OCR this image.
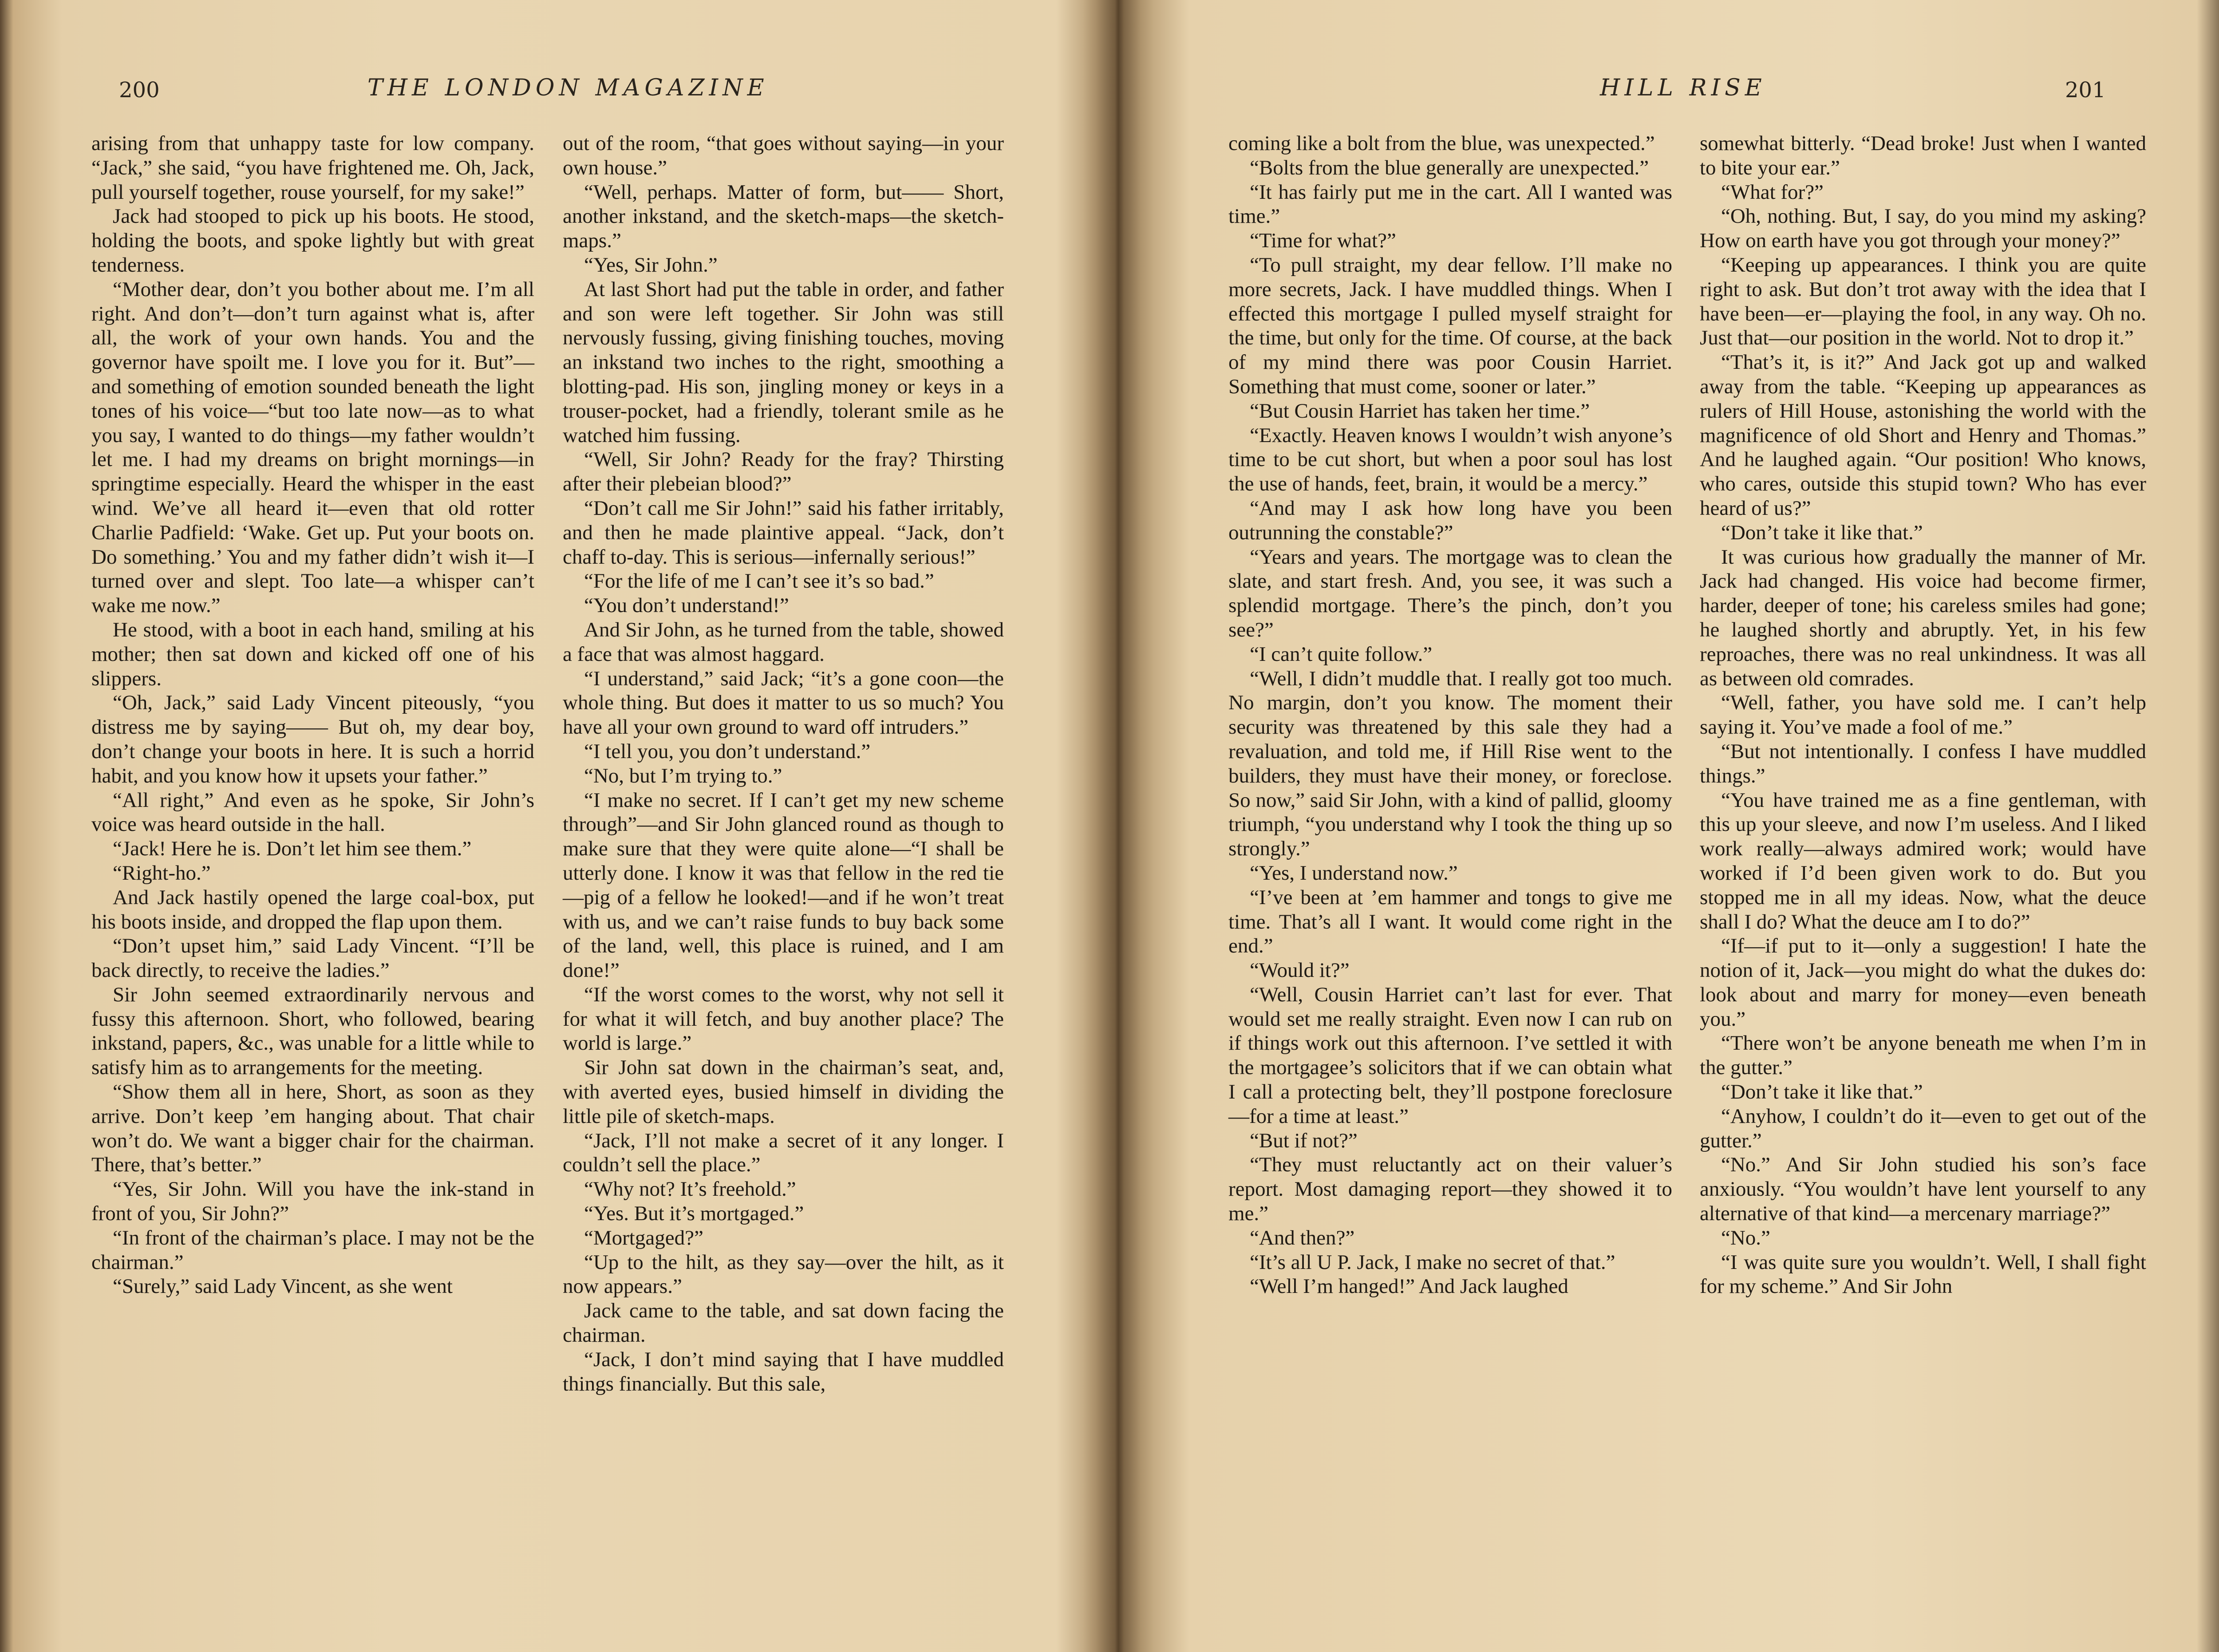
200	THE LONDON MAGAZINE

arising from that unhappy taste for low company. “Jack,” she said, “you have frightened me. Oh, Jack, pull yourself together, rouse yourself, for my sake!”

Jack had stooped to pick up his boots. He stood, holding the boots, and spoke lightly but with great tenderness.

“Mother dear, don’t you bother about me. I’m all right. And don’t—don’t turn against what is, after all, the work of your own hands. You and the governor have spoilt me. I love you for it. But”—and something of emotion sounded beneath the light tones of his voice—“but too late now—as to what you say, I wanted to do things—my father wouldn’t let me. I had my dreams on bright mornings—in springtime especially. Heard the whisper in the east wind. We’ve all heard it—even that old rotter Charlie Padfield: ‘Wake. Get up. Put your boots on. Do something.’ You and my father didn’t wish it—I turned over and slept. Too late—a whisper can’t wake me now.”

He stood, with a boot in each hand, smiling at his mother; then sat down and kicked off one of his slippers.

“Oh, Jack,” said Lady Vincent piteously, “you distress me by saying—— But oh, my dear boy, don’t change your boots in here. It is such a horrid habit, and you know how it upsets your father.”

“All right,” And even as he spoke, Sir John’s voice was heard outside in the hall.

“Jack! Here he is. Don’t let him see them.”

“Right-ho.”

And Jack hastily opened the large coal-box, put his boots inside, and dropped the flap upon them.

“Don’t upset him,” said Lady Vincent. “I’ll be back directly, to receive the ladies.”

Sir John seemed extraordinarily nervous and fussy this afternoon. Short, who followed, bearing inkstand, papers, &c., was unable for a little while to satisfy him as to arrangements for the meeting.

“Show them all in here, Short, as soon as they arrive. Don’t keep ’em hanging about. That chair won’t do. We want a bigger chair for the chairman. There, that’s better.”

“Yes, Sir John. Will you have the ink-stand in front of you, Sir John?”

“In front of the chairman’s place. I may not be the chairman.”

“Surely,” said Lady Vincent, as she went

out of the room, “that goes without saying—in your own house.”

“Well, perhaps. Matter of form, but—— Short, another inkstand, and the sketch-maps—the sketch-maps.”

“Yes, Sir John.”

At last Short had put the table in order, and father and son were left together. Sir John was still nervously fussing, giving finishing touches, moving an inkstand two inches to the right, smoothing a blotting-pad. His son, jingling money or keys in a trouser-pocket, had a friendly, tolerant smile as he watched him fussing.

“Well, Sir John? Ready for the fray? Thirsting after their plebeian blood?”

“Don’t call me Sir John!” said his father irritably, and then he made plaintive appeal. “Jack, don’t chaff to-day. This is serious—infernally serious!”

“For the life of me I can’t see it’s so bad.”

“You don’t understand!”

And Sir John, as he turned from the table, showed a face that was almost haggard.

“I understand,” said Jack; “it’s a gone coon—the whole thing. But does it matter to us so much? You have all your own ground to ward off intruders.”

“I tell you, you don’t understand.”

“No, but I’m trying to.”

“I make no secret. If I can’t get my new scheme through”—and Sir John glanced round as though to make sure that they were quite alone—“I shall be utterly done. I know it was that fellow in the red tie—pig of a fellow he looked!—and if he won’t treat with us, and we can’t raise funds to buy back some of the land, well, this place is ruined, and I am done!”

“If the worst comes to the worst, why not sell it for what it will fetch, and buy another place? The world is large.”

Sir John sat down in the chairman’s seat, and, with averted eyes, busied himself in dividing the little pile of sketch-maps.

“Jack, I’ll not make a secret of it any longer. I couldn’t sell the place.”

“Why not? It’s freehold.”

“Yes. But it’s mortgaged.”

“Mortgaged?”

“Up to the hilt, as they say—over the hilt, as it now appears.”

Jack came to the table, and sat down facing the chairman.

“Jack, I don’t mind saying that I have muddled things financially. But this sale,

HILL RISE	201

coming like a bolt from the blue, was unexpected.”

“Bolts from the blue generally are unexpected.”

“It has fairly put me in the cart. All I wanted was time.”

“Time for what?”

“To pull straight, my dear fellow. I’ll make no more secrets, Jack. I have muddled things. When I effected this mortgage I pulled myself straight for the time, but only for the time. Of course, at the back of my mind there was poor Cousin Harriet. Something that must come, sooner or later.”

“But Cousin Harriet has taken her time.”

“Exactly. Heaven knows I wouldn’t wish anyone’s time to be cut short, but when a poor soul has lost the use of hands, feet, brain, it would be a mercy.”

“And may I ask how long have you been outrunning the constable?”

“Years and years. The mortgage was to clean the slate, and start fresh. And, you see, it was such a splendid mortgage. There’s the pinch, don’t you see?”

“I can’t quite follow.”

“Well, I didn’t muddle that. I really got too much. No margin, don’t you know. The moment their security was threatened by this sale they had a revaluation, and told me, if Hill Rise went to the builders, they must have their money, or foreclose. So now,” said Sir John, with a kind of pallid, gloomy triumph, “you understand why I took the thing up so strongly.”

“Yes, I understand now.”

“I’ve been at ’em hammer and tongs to give me time. That’s all I want. It would come right in the end.”

“Would it?”

“Well, Cousin Harriet can’t last for ever. That would set me really straight. Even now I can rub on if things work out this afternoon. I’ve settled it with the mortgagee’s solicitors that if we can obtain what I call a protecting belt, they’ll postpone foreclosure—for a time at least.”

“But if not?”

“They must reluctantly act on their valuer’s report. Most damaging report—they showed it to me.”

“And then?”

“It’s all U P. Jack, I make no secret of that.”

“Well I’m hanged!” And Jack laughed

somewhat bitterly. “Dead broke! Just when I wanted to bite your ear.”

“What for?”

“Oh, nothing. But, I say, do you mind my asking? How on earth have you got through your money?”

“Keeping up appearances. I think you are quite right to ask. But don’t trot away with the idea that I have been—er—playing the fool, in any way. Oh no. Just that—our position in the world. Not to drop it.”

“That’s it, is it?” And Jack got up and walked away from the table. “Keeping up appearances as rulers of Hill House, astonishing the world with the magnificence of old Short and Henry and Thomas.” And he laughed again. “Our position! Who knows, who cares, outside this stupid town? Who has ever heard of us?”

“Don’t take it like that.”

It was curious how gradually the manner of Mr. Jack had changed. His voice had become firmer, harder, deeper of tone; his careless smiles had gone; he laughed shortly and abruptly. Yet, in his few reproaches, there was no real unkindness. It was all as between old comrades.

“Well, father, you have sold me. I can’t help saying it. You’ve made a fool of me.”

“But not intentionally. I confess I have muddled things.”

“You have trained me as a fine gentleman, with this up your sleeve, and now I’m useless. And I liked work really—always admired work; would have worked if I’d been given work to do. But you stopped me in all my ideas. Now, what the deuce shall I do? What the deuce am I to do?”

“If—if put to it—only a suggestion! I hate the notion of it, Jack—you might do what the dukes do: look about and marry for money—even beneath you.”

“There won’t be anyone beneath me when I’m in the gutter.”

“Don’t take it like that.”

“Anyhow, I couldn’t do it—even to get out of the gutter.”

“No.” And Sir John studied his son’s face anxiously. “You wouldn’t have lent yourself to any alternative of that kind—a mercenary marriage?”

“No.”

“I was quite sure you wouldn’t. Well, I shall fight for my scheme.” And Sir John
